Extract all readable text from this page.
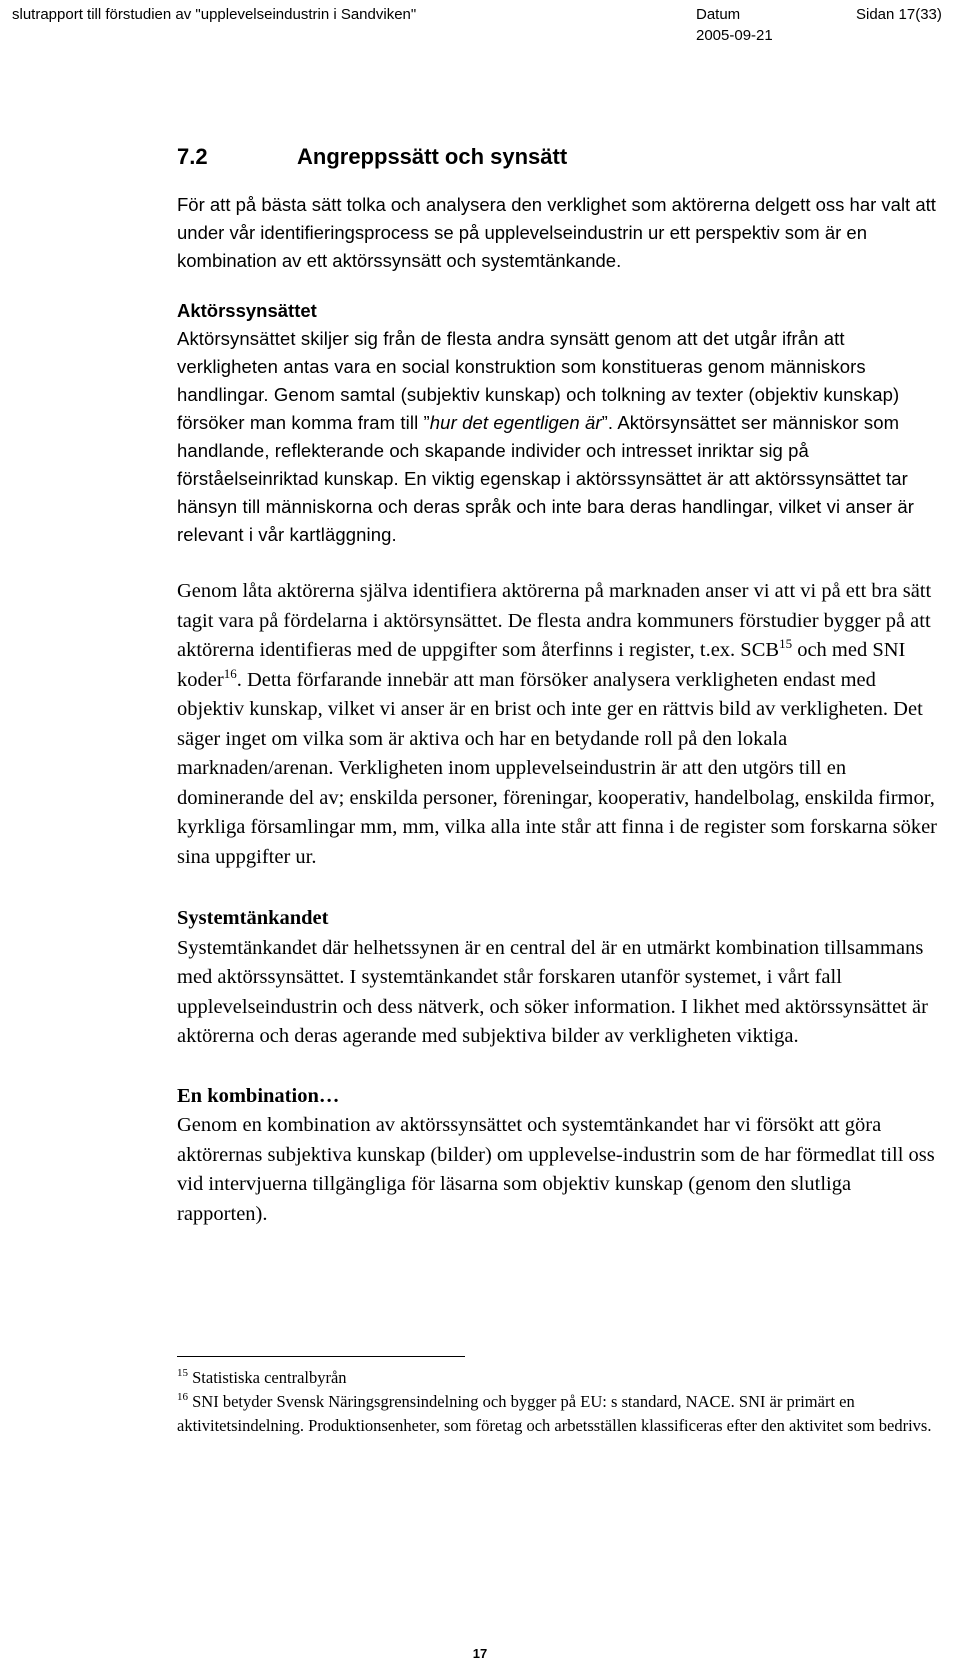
slutrapport till förstudien av "upplevelseindustrin i Sandviken"	Datum
2005-09-21
Sidan 17(33)
7.2	Angreppssätt och synsätt

För att på bästa sätt tolka och analysera den verklighet som aktörerna delgett oss har valt att under vår identifieringsprocess se på upplevelseindustrin ur ett perspektiv som är en kombination av ett aktörssynsätt och systemtänkande.

Aktörssynsättet

Aktörsynsättet skiljer sig från de flesta andra synsätt genom att det utgår ifrån att verkligheten antas vara en social konstruktion som konstitueras genom människors handlingar. Genom samtal (subjektiv kunskap) och tolkning av texter (objektiv kunskap) försöker man komma fram till ”hur det egentligen är”. Aktörsynsättet ser människor som handlande, reflekterande och skapande individer och intresset inriktar sig på förståelseinriktad kunskap. En viktig egenskap i aktörssynsättet är att aktörssynsättet tar hänsyn till människorna och deras språk och inte bara deras handlingar, vilket vi anser är relevant i vår kartläggning.

Genom låta aktörerna själva identifiera aktörerna på marknaden anser vi att vi på ett bra sätt tagit vara på fördelarna i aktörsynsättet. De flesta andra kommuners förstudier bygger på att aktörerna identifieras med de uppgifter som återfinns i register, t.ex. SCB$^{15}$ och med SNI koder$^{16}$. Detta förfarande innebär att man försöker analysera verkligheten endast med objektiv kunskap, vilket vi anser är en brist och inte ger en rättvis bild av verkligheten. Det säger inget om vilka som är aktiva och har en betydande roll på den lokala marknaden/arenan. Verkligheten inom upplevelseindustrin är att den utgörs till en dominerande del av; enskilda personer, föreningar, kooperativ, handelbolag, enskilda firmor, kyrkliga församlingar mm, mm, vilka alla inte står att finna i de register som forskarna söker sina uppgifter ur.

Systemtänkandet

Systemtänkandet där helhetssynen är en central del är en utmärkt kombination tillsammans med aktörssynsättet. I systemtänkandet står forskaren utanför systemet, i vårt fall upplevelseindustrin och dess nätverk, och söker information. I likhet med aktörssynsättet är aktörerna och deras agerande med subjektiva bilder av verkligheten viktiga.

En kombination…

Genom en kombination av aktörssynsättet och systemtänkandet har vi försökt att göra aktörernas subjektiva kunskap (bilder) om upplevelse-industrin som de har förmedlat till oss vid intervjuerna tillgängliga för läsarna som objektiv kunskap (genom den slutliga rapporten).

$^{15}$ Statistiska centralbyrån

$^{16}$ SNI betyder Svensk Näringsgrensindelning och bygger på EU: s standard, NACE. SNI är primärt en aktivitetsindelning. Produktionsenheter, som företag och arbetsställen klassificeras efter den aktivitet som bedrivs.

17
